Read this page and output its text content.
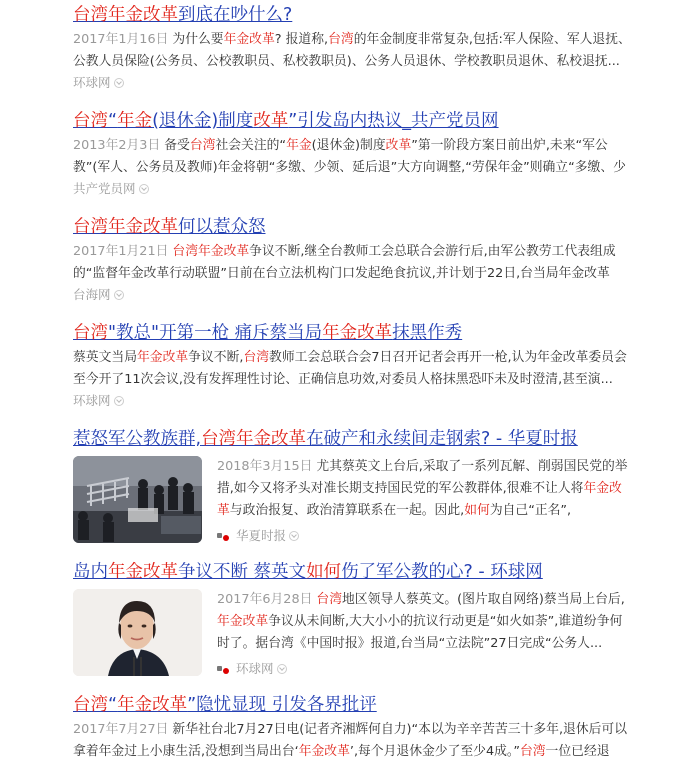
台湾年金改革到底在吵什么?
2017年1月16日 为什么要年金改革? 报道称,台湾的年金制度非常复杂,包括:军人保险、军人退抚、公教人员保险(公务员、公校教职员、私校教职员)、公务人员退休、学校教职员退休、私校退抚...
环球网
台湾“年金(退休金)制度改革”引发岛内热议_共产党员网
2013年2月3日 备受台湾社会关注的“年金(退休金)制度改革”第一阶段方案日前出炉,未来“军公教”(军人、公务员及教师)年金将朝“多缴、少领、延后退”大方向调整,“劳保年金”则确立“多缴、少
共产党员网
台湾年金改革何以惹众怒
2017年1月21日 台湾年金改革争议不断,继全台教师工会总联合会游行后,由军公教劳工代表组成的“监督年金改革行动联盟”日前在台立法机构门口发起绝食抗议,并计划于22日,台当局年金改革
台海网
台湾"教总"开第一枪 痛斥蔡当局年金改革抹黑作秀
蔡英文当局年金改革争议不断,台湾教师工会总联合会7日召开记者会再开一枪,认为年金改革委员会至今开了11次会议,没有发挥理性讨论、正确信息功效,对委员人格抹黑恐吓未及时澄清,甚至演...
环球网
惹怒军公教族群,台湾年金改革在破产和永续间走钢索? - 华夏时报
2018年3月15日 尤其蔡英文上台后,采取了一系列瓦解、削弱国民党的举措,如今又将矛头对准长期支持国民党的军公教群体,很难不让人将年金改革与政治报复、政治清算联系在一起。因此,如何为自己“正名”,
华夏时报
岛内年金改革争议不断 蔡英文如何伤了军公教的心? - 环球网
2017年6月28日 台湾地区领导人蔡英文。(图片取自网络)蔡当局上台后,年金改革争议从未间断,大大小小的抗议行动更是“如火如荼”,谁道纷争何时了。据台湾《中国时报》报道,台当局“立法院”27日完成“公务人...
环球网
台湾“年金改革”隐忧显现 引发各界批评
2017年7月27日 新华社台北7月27日电(记者齐湘辉何自力)“本以为辛辛苦苦三十多年,退休后可以拿着年金过上小康生活,没想到当局出台‘年金改革’,每个月退休金少了至少4成。”台湾一位已经退
